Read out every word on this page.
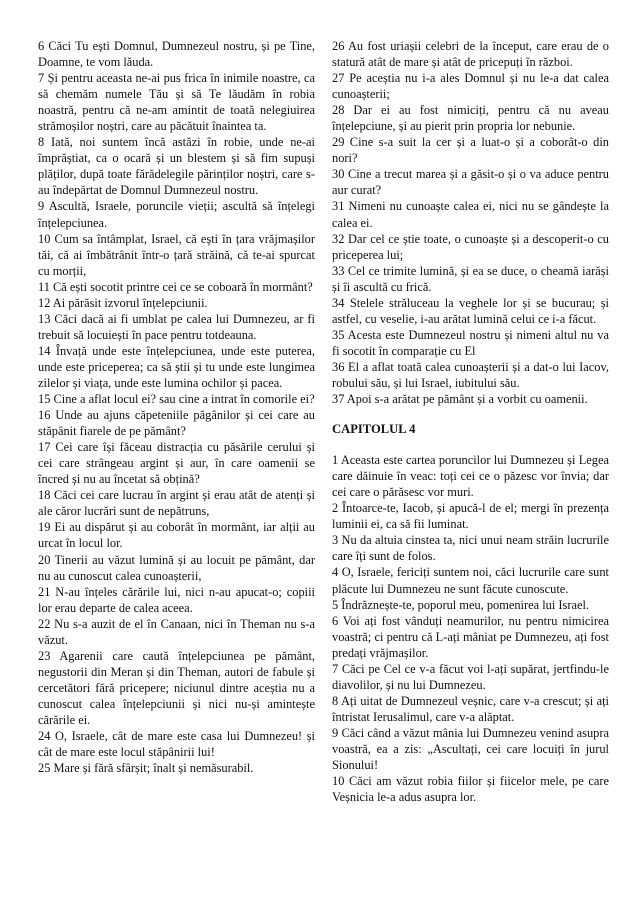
6 Căci Tu ești Domnul, Dumnezeul nostru, și pe Tine, Doamne, te vom lăuda.

7 Și pentru aceasta ne-ai pus frica în inimile noastre, ca să chemăm numele Tău și să Te lăudăm în robia noastră, pentru că ne-am amintit de toată nelegiuirea strămoșilor noștri, care au păcătuit înaintea ta.

8 Iată, noi suntem încă astăzi în robie, unde ne-ai împrăștiat, ca o ocară și un blestem și să fim supuși plăților, după toate fărădelegile părinților noștri, care s-au îndepărtat de Domnul Dumnezeul nostru.

9 Ascultă, Israele, poruncile vieții; ascultă să înțelegi înțelepciunea.

10 Cum sa întâmplat, Israel, că ești în țara vrăjmașilor tăi, că ai îmbătrânit într-o țară străină, că te-ai spurcat cu morții,

11 Că ești socotit printre cei ce se coboară în mormânt?

12 Ai părăsit izvorul înțelepciunii.

13 Căci dacă ai fi umblat pe calea lui Dumnezeu, ar fi trebuit să locuiești în pace pentru totdeauna.

14 Învață unde este înțelepciunea, unde este puterea, unde este priceperea; ca să știi și tu unde este lungimea zilelor și viața, unde este lumina ochilor și pacea.

15 Cine a aflat locul ei? sau cine a intrat în comorile ei?

16 Unde au ajuns căpeteniile păgânilor și cei care au stăpânit fiarele de pe pământ?

17 Cei care își făceau distracția cu păsările cerului și cei care strângeau argint și aur, în care oamenii se încred și nu au încetat să obțină?

18 Căci cei care lucrau în argint și erau atât de atenți și ale căror lucrări sunt de nepătruns,

19 Ei au dispărut și au coborât în mormânt, iar alții au urcat în locul lor.

20 Tinerii au văzut lumină și au locuit pe pământ, dar nu au cunoscut calea cunoașterii,

21 N-au înțeles cărările lui, nici n-au apucat-o; copiii lor erau departe de calea aceea.

22 Nu s-a auzit de el în Canaan, nici în Theman nu s-a văzut.

23 Agarenii care caută înțelepciunea pe pământ, negustorii din Meran și din Theman, autori de fabule și cercetători fără pricepere; niciunul dintre aceștia nu a cunoscut calea înțelepciunii și nici nu-și amintește cărările ei.

24 O, Israele, cât de mare este casa lui Dumnezeu! și cât de mare este locul stăpânirii lui!

25 Mare și fără sfârșit; înalt și nemăsurabil.

26 Au fost uriașii celebri de la început, care erau de o statură atât de mare și atât de pricepuți în război.

27 Pe aceștia nu i-a ales Domnul și nu le-a dat calea cunoașterii;

28 Dar ei au fost nimiciți, pentru că nu aveau înțelepciune, și au pierit prin propria lor nebunie.

29 Cine s-a suit la cer și a luat-o și a coborât-o din nori?

30 Cine a trecut marea și a găsit-o și o va aduce pentru aur curat?

31 Nimeni nu cunoaște calea ei, nici nu se gândește la calea ei.

32 Dar cel ce știe toate, o cunoaște și a descoperit-o cu priceperea lui;

33 Cel ce trimite lumină, și ea se duce, o cheamă iarăși și îi ascultă cu frică.

34 Stelele străluceau la veghele lor și se bucurau; și astfel, cu veselie, i-au arătat lumină celui ce i-a făcut.

35 Acesta este Dumnezeul nostru și nimeni altul nu va fi socotit în comparație cu El

36 El a aflat toată calea cunoașterii și a dat-o lui Iacov, robului său, și lui Israel, iubitului său.

37 Apoi s-a arătat pe pământ și a vorbit cu oamenii.

CAPITOLUL 4

1 Aceasta este cartea poruncilor lui Dumnezeu și Legea care dăinuie în veac: toți cei ce o păzesc vor învia; dar cei care o părăsesc vor muri.

2 Întoarce-te, Iacob, și apucă-l de el; mergi în prezența luminii ei, ca să fii luminat.

3 Nu da altuia cinstea ta, nici unui neam străin lucrurile care îți sunt de folos.

4 O, Israele, fericiți suntem noi, căci lucrurile care sunt plăcute lui Dumnezeu ne sunt făcute cunoscute.

5 Îndrăznește-te, poporul meu, pomenirea lui Israel.

6 Voi ați fost vânduți neamurilor, nu pentru nimicirea voastră; ci pentru că L-ați mâniat pe Dumnezeu, ați fost predați vrăjmașilor.

7 Căci pe Cel ce v-a făcut voi l-ați supărat, jertfindu-le diavolilor, și nu lui Dumnezeu.

8 Ați uitat de Dumnezeul veșnic, care v-a crescut; și ați întristat Ierusalimul, care v-a alăptat.

9 Căci când a văzut mânia lui Dumnezeu venind asupra voastră, ea a zis: „Ascultați, cei care locuiți în jurul Sionului!

10 Căci am văzut robia fiilor și fiicelor mele, pe care Veșnicia le-a adus asupra lor.
